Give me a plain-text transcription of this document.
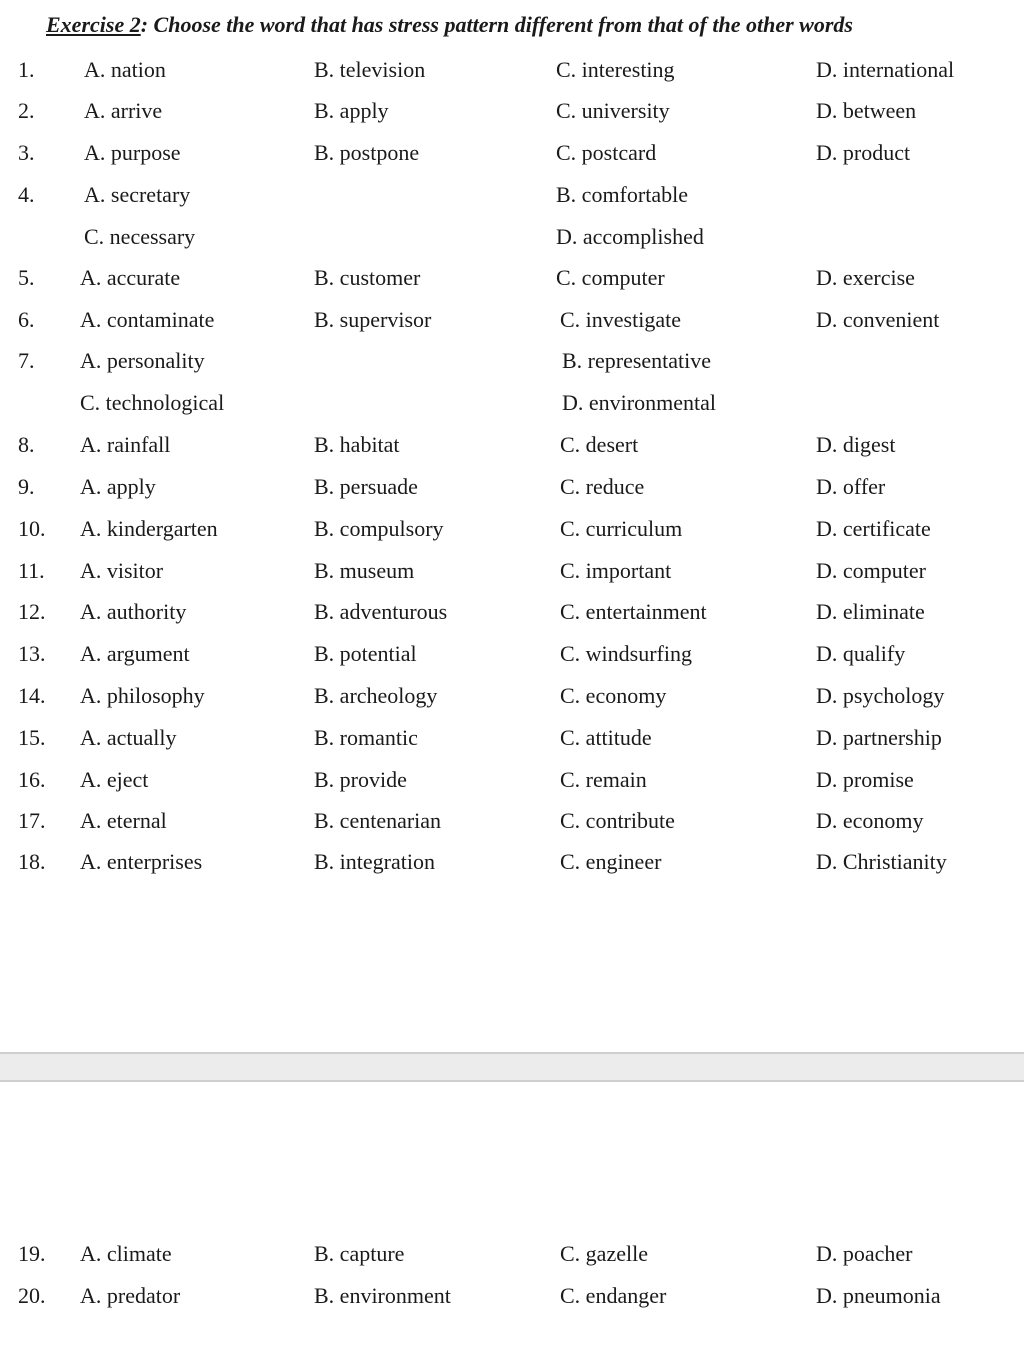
Exercise 2: Choose the word that has stress pattern different from that of the other words
1. A. nation	B. television	C. interesting	D. international
2. A. arrive	B. apply	C. university	D. between
3. A. purpose	B. postpone	C. postcard	D. product
4. A. secretary	B. comfortable
C. necessary	D. accomplished
5. A. accurate	B. customer	C. computer	D. exercise
6. A. contaminate	B. supervisor	C. investigate	D. convenient
7. A. personality	B. representative
C. technological	D. environmental
8. A. rainfall	B. habitat	C. desert	D. digest
9. A. apply	B. persuade	C. reduce	D. offer
10. A. kindergarten	B. compulsory	C. curriculum	D. certificate
11. A. visitor	B. museum	C. important	D. computer
12. A. authority	B. adventurous	C. entertainment	D. eliminate
13. A. argument	B. potential	C. windsurfing	D. qualify
14. A. philosophy	B. archeology	C. economy	D. psychology
15. A. actually	B. romantic	C. attitude	D. partnership
16. A. eject	B. provide	C. remain	D. promise
17. A. eternal	B. centenarian	C. contribute	D. economy
18. A. enterprises	B. integration	C. engineer	D. Christianity
19. A. climate	B. capture	C. gazelle	D. poacher
20. A. predator	B. environment	C. endanger	D. pneumonia
